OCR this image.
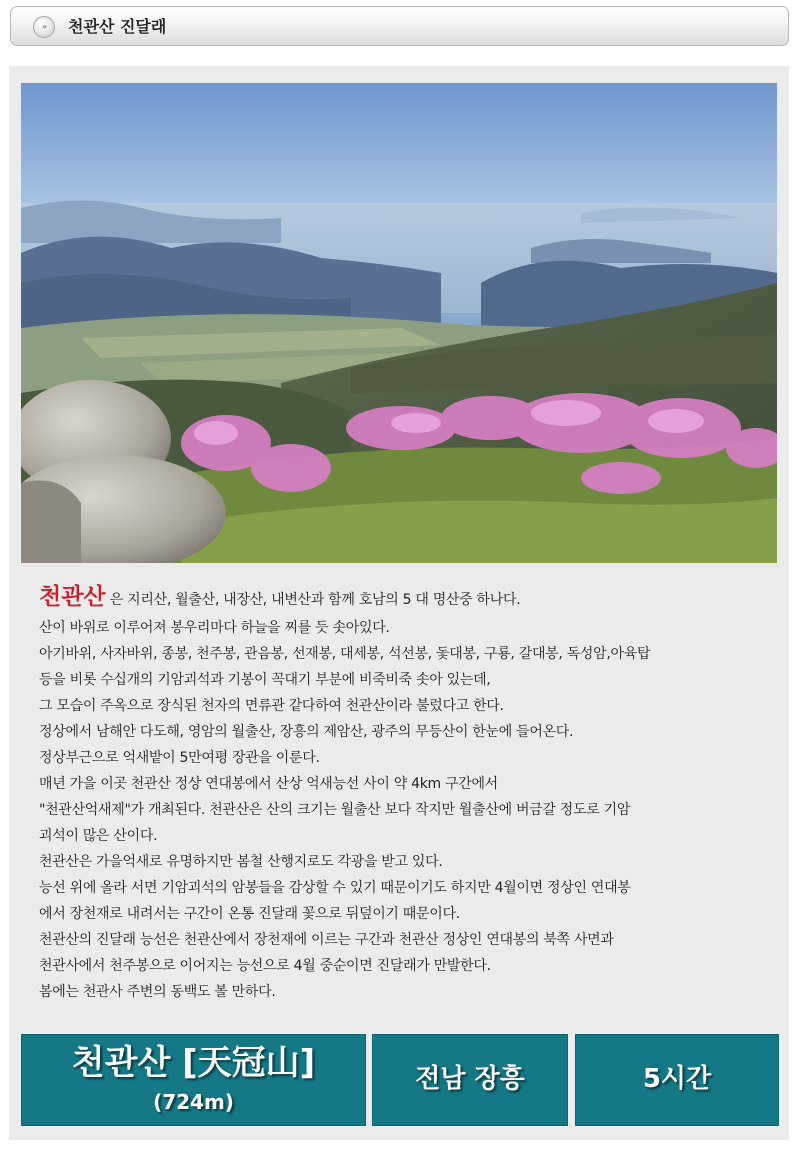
»	천관산 진달래

천관산 은 지리산, 월출산, 내장산, 내변산과 함께 호남의 5 대 명산중 하나다.

산이 바위로 이루어져 봉우리마다 하늘을 찌를 듯 솟아있다.

아기바위, 사자바위, 종봉, 천주봉, 관음봉, 선재봉, 대세봉, 석선봉, 돛대봉, 구룡, 갈대봉, 독성암,아육탑

등을 비롯 수십개의 기암괴석과 기봉이 꼭대기 부분에 비죽비죽 솟아 있는데,

그 모습이 주옥으로 장식된 천자의 면류관 같다하여 천관산이라 불렀다고 한다.

정상에서 남해안 다도해, 영암의 월출산, 장흥의 제암산, 광주의 무등산이 한눈에 들어온다.

정상부근으로 억새밭이 5만여평 장관을 이룬다.

매년 가을 이곳 천관산 정상 연대봉에서 산상 억새능선 사이 약 4km 구간에서

"천관산억새제"가 개최된다. 천관산은 산의 크기는 월출산 보다 작지만 월출산에 버금갈 정도로 기암

괴석이 많은 산이다.

천관산은 가을억새로 유명하지만 봄철 산행지로도 각광을 받고 있다.

능선 위에 올라 서면 기암괴석의 암봉들을 감상할 수 있기 때문이기도 하지만 4월이면 정상인 연대봉

에서 장천재로 내려서는 구간이 온통 진달래 꽃으로 뒤덮이기 때문이다.

천관산의 진달래 능선은 천관산에서 장천재에 이르는 구간과 천관산 정상인 연대봉의 북쪽 사면과

천관사에서 천주봉으로 이어지는 능선으로 4월 중순이면 진달래가 만발한다.

봄에는 천관사 주변의 동백도 볼 만하다.

천관산 [天冠山]
(724m)
전남 장흥	5시간
